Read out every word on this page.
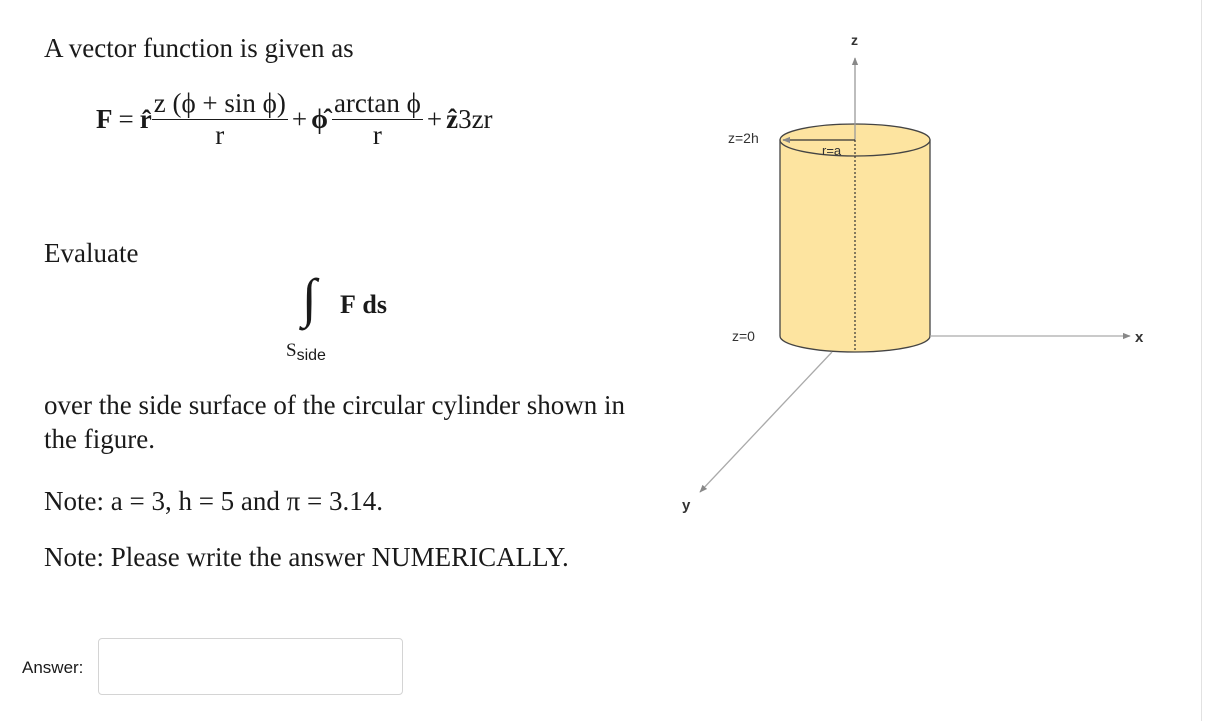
A vector function is given as
F = r̂ $\frac{\text{z (ϕ + sin ϕ)}}{r}$ + ϕ̂ $\frac{\text{arctan ϕ}}{r}$ + ẑ 3zr
Evaluate
∫ F ds
$S_{side}$
over the side surface of the circular cylinder shown in the figure.
Note: a = 3, h = 5 and π = 3.14.
Note: Please write the answer NUMERICALLY.
z
x
y
z=2h
z=0
r=a
Answer:
